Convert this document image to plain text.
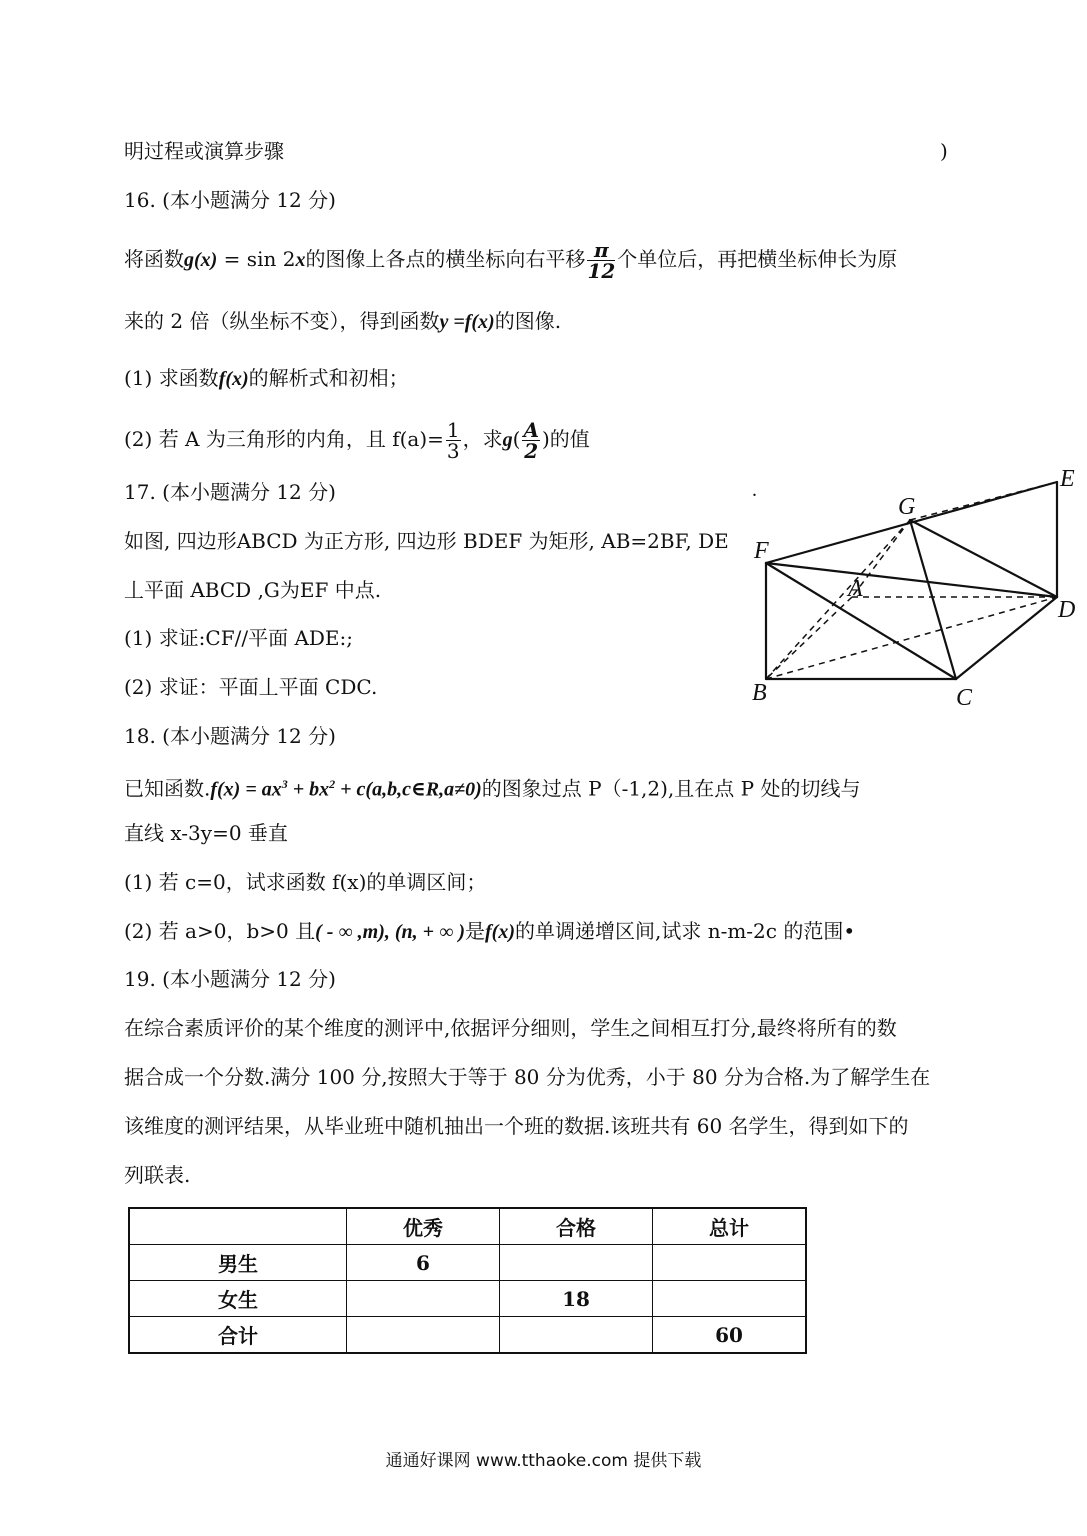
明过程或演算步骤	)
16. (本小题满分 12 分)
将函数g(x) = sin 2x的图像上各点的横坐标向右平移 $\frac{\pi}{12}$ 个单位后，再把横坐标伸长为原
来的 2 倍（纵坐标不变），得到函数y =f(x)的图像.
(1) 求函数f(x)的解析式和初相；
(2) 若 A 为三角形的内角，且 $f(a)= \frac{1}{3}$ ，求$g( \frac{A}{2}$ )的值
17. (本小题满分 12 分)
如图, 四边形ABCD 为正方形, 四边形 BDEF 为矩形, AB=2BF, DE
丄平面 ABCD ,G为EF 中点.
(1) 求证:CF//平面 ADE:;
(2) 求证：平面丄平面 CDC.
E
G
F
A
D
B	C
.
18. (本小题满分 12 分)
已知函数$.f(x) = ax^3 + bx^2$ + c(a,b,c∈R,a≠0)的图象过点 P（-1,2),且在点 P 处的切线与
直线 x-3y=0 垂直
(1) 若 c=0，试求函数 f(x)的单调区间；
(2) 若 a>0，b>0 且( - ∞ ,m), (n, + ∞ )是f(x)的单调递增区间,试求 n-m-2c 的范围•
19. (本小题满分 12 分)
在综合素质评价的某个维度的测评中,依据评分细则，学生之间相互打分,最终将所有的数
据合成一个分数.满分 100 分,按照大于等于 80 分为优秀，小于 80 分为合格.为了解学生在
该维度的测评结果，从毕业班中随机抽出一个班的数据.该班共有 60 名学生，得到如下的
列联表.
	优秀	合格	总计
男生	6		
女生		18	
合计			60
通通好课网 www.tthaoke.com 提供下载
